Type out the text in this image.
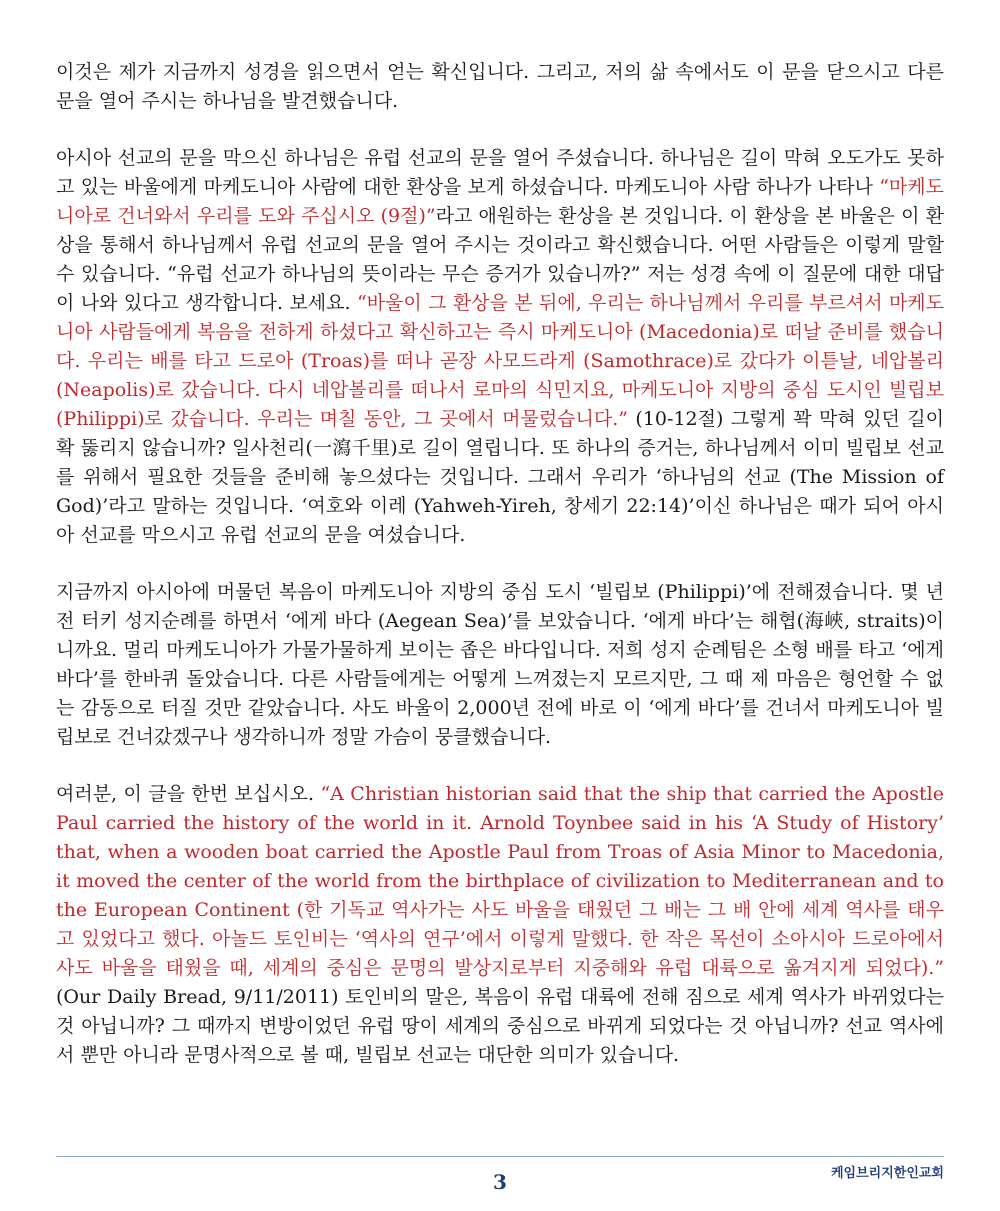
이것은 제가 지금까지 성경을 읽으면서 얻는 확신입니다. 그리고, 저의 삶 속에서도 이 문을 닫으시고 다른 문을 열어 주시는 하나님을 발견했습니다.

아시아 선교의 문을 막으신 하나님은 유럽 선교의 문을 열어 주셨습니다. 하나님은 길이 막혀 오도가도 못하고 있는 바울에게 마케도니아 사람에 대한 환상을 보게 하셨습니다. 마케도니아 사람 하나가 나타나 “마케도니아로 건너와서 우리를 도와 주십시오 (9절)”라고 애원하는 환상을 본 것입니다. 이 환상을 본 바울은 이 환상을 통해서 하나님께서 유럽 선교의 문을 열어 주시는 것이라고 확신했습니다. 어떤 사람들은 이렇게 말할 수 있습니다. “유럽 선교가 하나님의 뜻이라는 무슨 증거가 있습니까?” 저는 성경 속에 이 질문에 대한 대답이 나와 있다고 생각합니다. 보세요. “바울이 그 환상을 본 뒤에, 우리는 하나님께서 우리를 부르셔서 마케도니아 사람들에게 복음을 전하게 하셨다고 확신하고는 즉시 마케도니아 (Macedonia)로 떠날 준비를 했습니다. 우리는 배를 타고 드로아 (Troas)를 떠나 곧장 사모드라게 (Samothrace)로 갔다가 이튿날, 네압볼리 (Neapolis)로 갔습니다. 다시 네압볼리를 떠나서 로마의 식민지요, 마케도니아 지방의 중심 도시인 빌립보 (Philippi)로 갔습니다. 우리는 며칠 동안, 그 곳에서 머물렀습니다.” (10-12절) 그렇게 꽉 막혀 있던 길이 확 뚫리지 않습니까? 일사천리(一瀉千里)로 길이 열립니다. 또 하나의 증거는, 하나님께서 이미 빌립보 선교를 위해서 필요한 것들을 준비해 놓으셨다는 것입니다. 그래서 우리가 ‘하나님의 선교 (The Mission of God)’라고 말하는 것입니다. ‘여호와 이레 (Yahweh-Yireh, 창세기 22:14)’이신 하나님은 때가 되어 아시아 선교를 막으시고 유럽 선교의 문을 여셨습니다.

지금까지 아시아에 머물던 복음이 마케도니아 지방의 중심 도시 ‘빌립보 (Philippi)’에 전해졌습니다. 몇 년 전 터키 성지순례를 하면서 ‘에게 바다 (Aegean Sea)’를 보았습니다. ‘에게 바다’는 해협(海峽, straits)이니까요. 멀리 마케도니아가 가물가물하게 보이는 좁은 바다입니다. 저희 성지 순례팀은 소형 배를 타고 ‘에게 바다’를 한바퀴 돌았습니다. 다른 사람들에게는 어떻게 느껴졌는지 모르지만, 그 때 제 마음은 형언할 수 없는 감동으로 터질 것만 같았습니다. 사도 바울이 2,000년 전에 바로 이 ‘에게 바다’를 건너서 마케도니아 빌립보로 건너갔겠구나 생각하니까 정말 가슴이 뭉클했습니다.

여러분, 이 글을 한번 보십시오. “A Christian historian said that the ship that carried the Apostle Paul carried the history of the world in it. Arnold Toynbee said in his ‘A Study of History’ that, when a wooden boat carried the Apostle Paul from Troas of Asia Minor to Macedonia, it moved the center of the world from the birthplace of civilization to Mediterranean and to the European Continent (한 기독교 역사가는 사도 바울을 태웠던 그 배는 그 배 안에 세계 역사를 태우고 있었다고 했다. 아놀드 토인비는 ‘역사의 연구’에서 이렇게 말했다. 한 작은 목선이 소아시아 드로아에서 사도 바울을 태웠을 때, 세계의 중심은 문명의 발상지로부터 지중해와 유럽 대륙으로 옮겨지게 되었다).” (Our Daily Bread, 9/11/2011) 토인비의 말은, 복음이 유럽 대륙에 전해 짐으로 세계 역사가 바뀌었다는 것 아닙니까? 그 때까지 변방이었던 유럽 땅이 세계의 중심으로 바뀌게 되었다는 것 아닙니까? 선교 역사에서 뿐만 아니라 문명사적으로 볼 때, 빌립보 선교는 대단한 의미가 있습니다.

3	케임브리지한인교회
